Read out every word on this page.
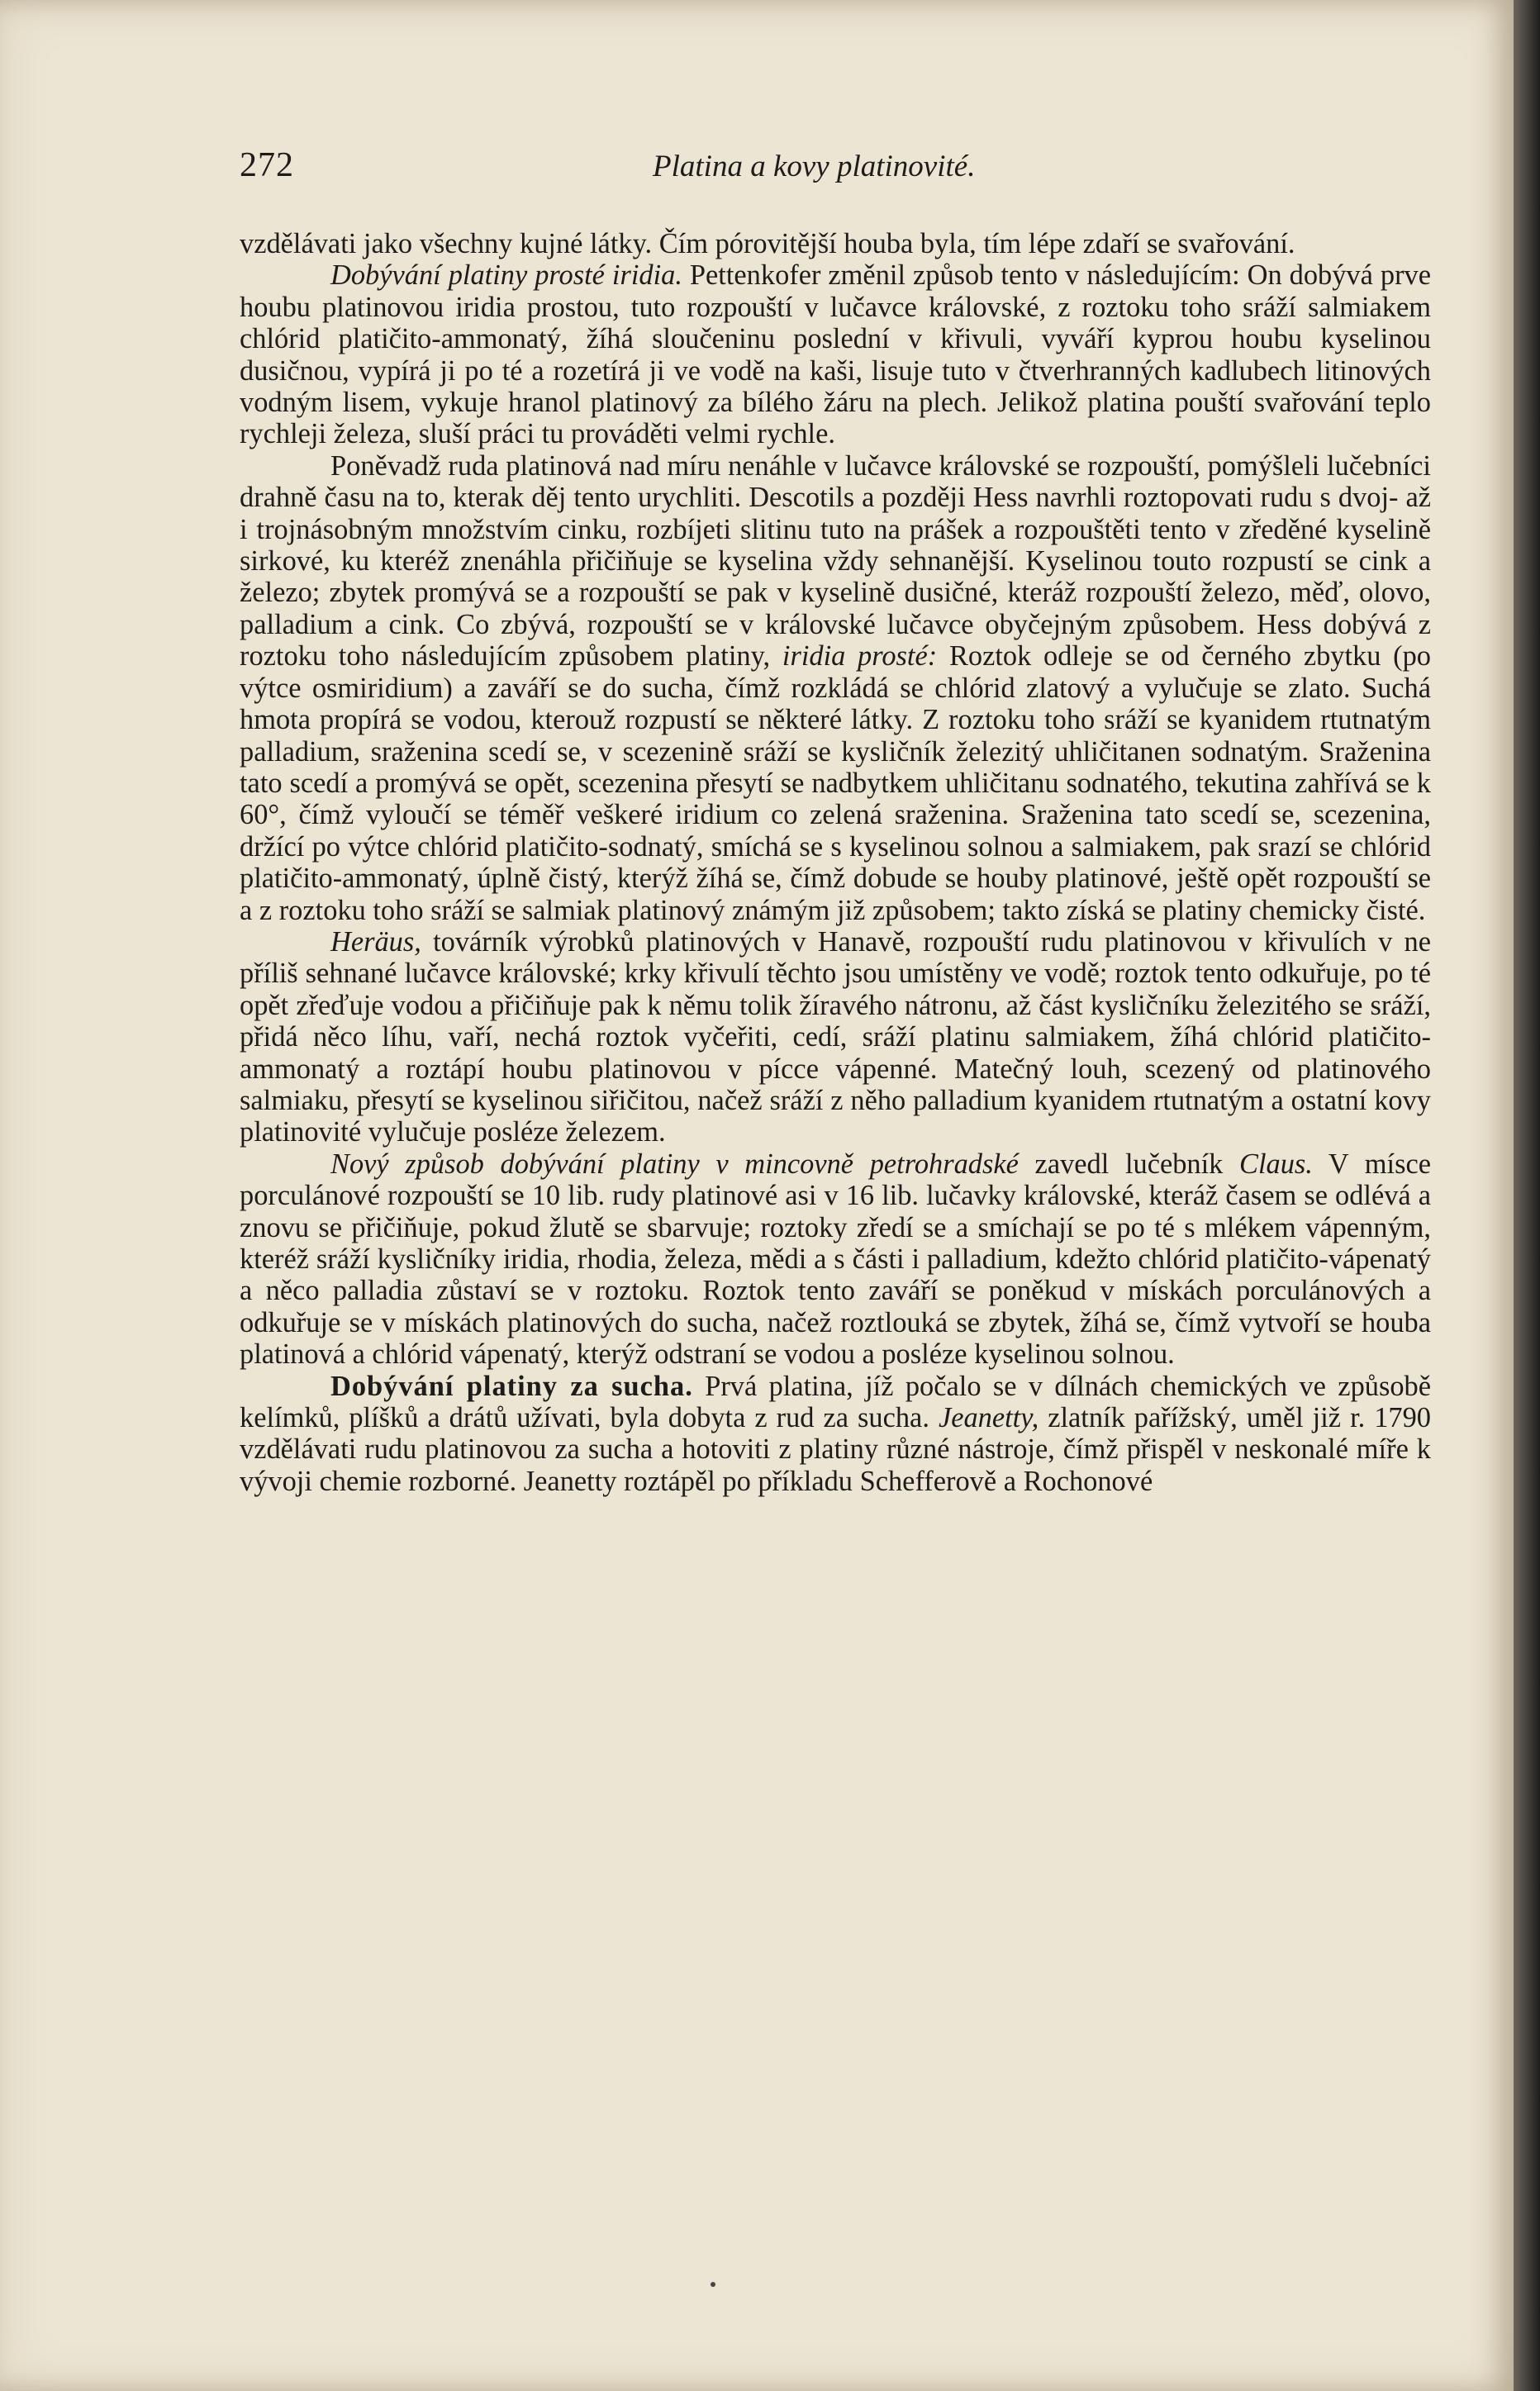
272	Platina a kovy platinovité.

vzdělávati jako všechny kujné látky. Čím pórovitější houba byla, tím lépe zdaří se svařování.

Dobývání platiny prosté iridia. Pettenkofer změnil způsob tento v následujícím: On dobývá prve houbu platinovou iridia prostou, tuto rozpouští v lučavce královské, z roztoku toho sráží salmiakem chlórid platičito-ammonatý, žíhá sloučeninu poslední v křivuli, vyváří kyprou houbu kyselinou dusičnou, vypírá ji po té a rozetírá ji ve vodě na kaši, lisuje tuto v čtverhranných kadlubech litinových vodným lisem, vykuje hranol platinový za bílého žáru na plech. Jelikož platina pouští svařování teplo rychleji železa, sluší práci tu prováděti velmi rychle.

Poněvadž ruda platinová nad míru nenáhle v lučavce královské se rozpouští, pomýšleli lučebníci drahně času na to, kterak děj tento urychliti. Descotils a později Hess navrhli roztopovati rudu s dvoj- až i trojnásobným množstvím cinku, rozbíjeti slitinu tuto na prášek a rozpouštěti tento v zředěné kyselině sirkové, ku kteréž znenáhla přičiňuje se kyselina vždy sehnanější. Kyselinou touto rozpustí se cink a železo; zbytek promývá se a rozpouští se pak v kyselině dusičné, kteráž rozpouští železo, měď, olovo, palladium a cink. Co zbývá, rozpouští se v královské lučavce obyčejným způsobem. Hess dobývá z roztoku toho následujícím způsobem platiny, iridia prosté: Roztok odleje se od černého zbytku (po výtce osmiridium) a zaváří se do sucha, čímž rozkládá se chlórid zlatový a vylučuje se zlato. Suchá hmota propírá se vodou, kterouž rozpustí se některé látky. Z roztoku toho sráží se kyanidem rtutnatým palladium, sraženina scedí se, v scezenině sráží se kysličník železitý uhličitanen sodnatým. Sraženina tato scedí a promývá se opět, scezenina přesytí se nadbytkem uhličitanu sodnatého, tekutina zahřívá se k 60°, čímž vyloučí se téměř veškeré iridium co zelená sraženina. Sraženina tato scedí se, scezenina, držící po výtce chlórid platičito-sodnatý, smíchá se s kyselinou solnou a salmiakem, pak srazí se chlórid platičito-ammonatý, úplně čistý, kterýž žíhá se, čímž dobude se houby platinové, ještě opět rozpouští se a z roztoku toho sráží se salmiak platinový známým již způsobem; takto získá se platiny chemicky čisté.

Heräus, továrník výrobků platinových v Hanavě, rozpouští rudu platinovou v křivulích v ne příliš sehnané lučavce královské; krky křivulí těchto jsou umístěny ve vodě; roztok tento odkuřuje, po té opět zřeďuje vodou a přičiňuje pak k němu tolik žíravého nátronu, až část kysličníku železitého se sráží, přidá něco líhu, vaří, nechá roztok vyčeřiti, cedí, sráží platinu salmiakem, žíhá chlórid platičito-ammonatý a roztápí houbu platinovou v pícce vápenné. Matečný louh, scezený od platinového salmiaku, přesytí se kyselinou siřičitou, načež sráží z něho palladium kyanidem rtutnatým a ostatní kovy platinovité vylučuje posléze železem.

Nový způsob dobývání platiny v mincovně petrohradské zavedl lučebník Claus. V míscе porculánové rozpouští se 10 lib. rudy platinové asi v 16 lib. lučavky královské, kteráž časem se odlévá a znovu se přičiňuje, pokud žlutě se sbarvuje; roztoky zředí se a smíchají se po té s mlékem vápenným, kteréž sráží kysličníky iridia, rhodia, železa, mědi a s části i palladium, kdežto chlórid platičito-vápenatý a něco palladia zůstaví se v roztoku. Roztok tento zaváří se poněkud v mískách porculánových a odkuřuje se v mískách platinových do sucha, načež roztlouká se zbytek, žíhá se, čímž vytvoří se houba platinová a chlórid vápenatý, kterýž odstraní se vodou a posléze kyselinou solnou.

Dobývání platiny za sucha. Prvá platina, jíž počalo se v dílnách chemických ve způsobě kelímků, plíšků a drátů užívati, byla dobyta z rud za sucha. Jeanetty, zlatník pařížský, uměl již r. 1790 vzdělávati rudu platinovou za sucha a hotoviti z platiny různé nástroje, čímž přispěl v neskonalé míře k vývoji chemie rozborné. Jeanetty roztápěl po příkladu Schefferově a Rochonové
